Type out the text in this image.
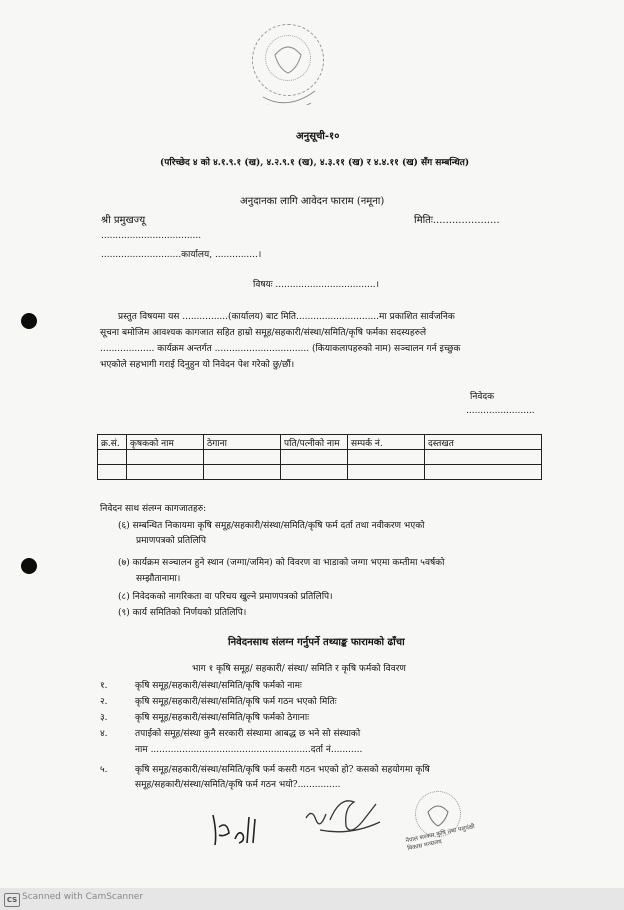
अनुसूची-१०
(परिच्छेद ४ को ४.१.९.१ (ख), ४.२.९.१ (ख), ४.३.११ (ख) र ४.४.११ (ख) सँग सम्बन्धित)
अनुदानका लागि आवेदन फाराम (नमूना)
श्री प्रमुखज्यू	मितिः.....................
...................................
............................कार्यालय, ...............।
विषयः ...................................।
प्रस्तुत विषयमा यस ................(कार्यालय) बाट मिति.............................मा प्रकाशित सार्वजनिक
सूचना बमोजिम आवश्यक कागजात सहित हाम्रो समूह/सहकारी/संस्था/समिति/कृषि फर्मका सदस्यहरुले
................... कार्यक्रम अन्तर्गत ................................. (कियाकलापहरुको नाम) सञ्चालन गर्न इच्छुक
भएकोले सहभागी गराई दिनुहुन यो निवेदन पेश गरेको छु/छौं।
निवेदक
........................
क्र.सं.	कृषकको नाम	ठेगाना	पति/पत्नीको नाम	सम्पर्क नं.	दस्तखत

निवेदन साथ संलग्न कागजातहरु:
(६) सम्बन्धित निकायमा कृषि समूह/सहकारी/संस्था/समिति/कृषि फर्म दर्ता तथा नवीकरण भएको
प्रमाणपत्रको प्रतिलिपि
(७) कार्यक्रम सञ्चालन हुने स्थान (जग्गा/जमिन) को विवरण वा भाडाको जग्गा भएमा कम्तीमा ५वर्षको
सम्झौतानामा।
(८) निवेदकको नागरिकता वा परिचय खुल्ने प्रमाणपत्रको प्रतिलिपि।
(९) कार्य समितिको निर्णयको प्रतिलिपि।
निवेदनसाथ संलग्न गर्नुपर्ने तथ्याङ्क फारामको ढाँचा
भाग १ कृषि समूह/ सहकारी/ संस्था/ समिति र कृषि फर्मको विवरण
१.	कृषि समूह/सहकारी/संस्था/समिति/कृषि फर्मको नामः
२.	कृषि समूह/सहकारी/संस्था/समिति/कृषि फर्म गठन भएको मितिः
३.	कृषि समूह/सहकारी/संस्था/समिति/कृषि फर्मको ठेगानाः
४.	तपाईको समूह/संस्था कुनै सरकारी संस्थामा आबद्ध छ भने सो संस्थाको
नाम ........................................................दर्ता नं...........
५.	कृषि समूह/सहकारी/संस्था/समिति/कृषि फर्म कसरी गठन भएको हो? कसको सहयोगमा कृषि
समूह/सहकारी/संस्था/समिति/कृषि फर्म गठन भयो?...............
नेपाल सरकार कृषि तथा पशुपंक्षी विकास मन्त्रालय
CS Scanned with CamScanner
